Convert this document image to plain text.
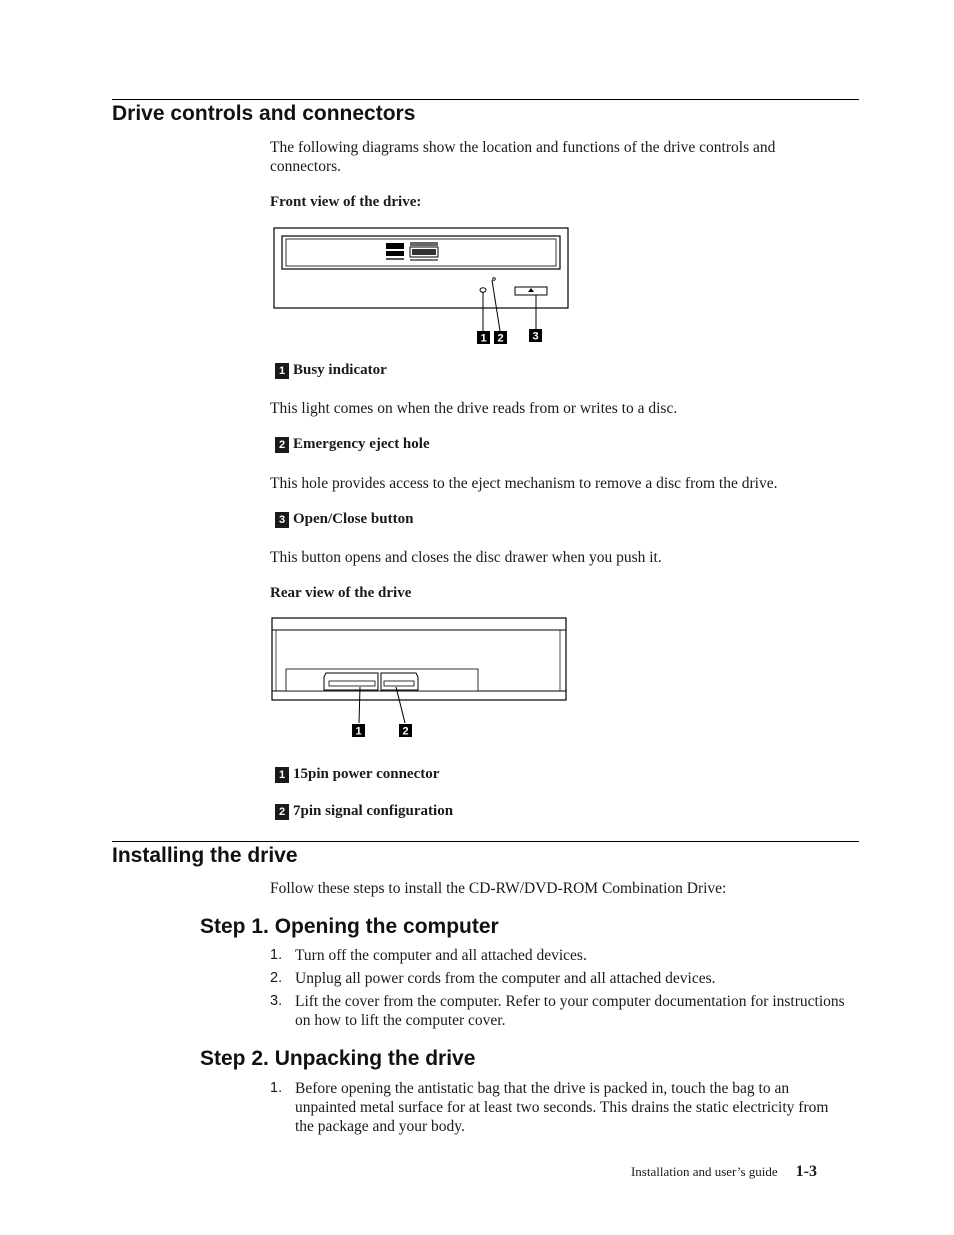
Drive controls and connectors
The following diagrams show the location and functions of the drive controls and connectors.
Front view of the drive:
1 2	3
1 Busy indicator
This light comes on when the drive reads from or writes to a disc.
2 Emergency eject hole
This hole provides access to the eject mechanism to remove a disc from the drive.
3 Open/Close button
This button opens and closes the disc drawer when you push it.
Rear view of the drive
1	2
1 15pin power connector
2 7pin signal configuration
Installing the drive
Follow these steps to install the CD-RW/DVD-ROM Combination Drive:
Step 1. Opening the computer
1. Turn off the computer and all attached devices.
2. Unplug all power cords from the computer and all attached devices.
3. Lift the cover from the computer. Refer to your computer documentation for instructions on how to lift the computer cover.
Step 2. Unpacking the drive
1. Before opening the antistatic bag that the drive is packed in, touch the bag to an unpainted metal surface for at least two seconds. This drains the static electricity from the package and your body.
Installation and user’s guide 1-3
